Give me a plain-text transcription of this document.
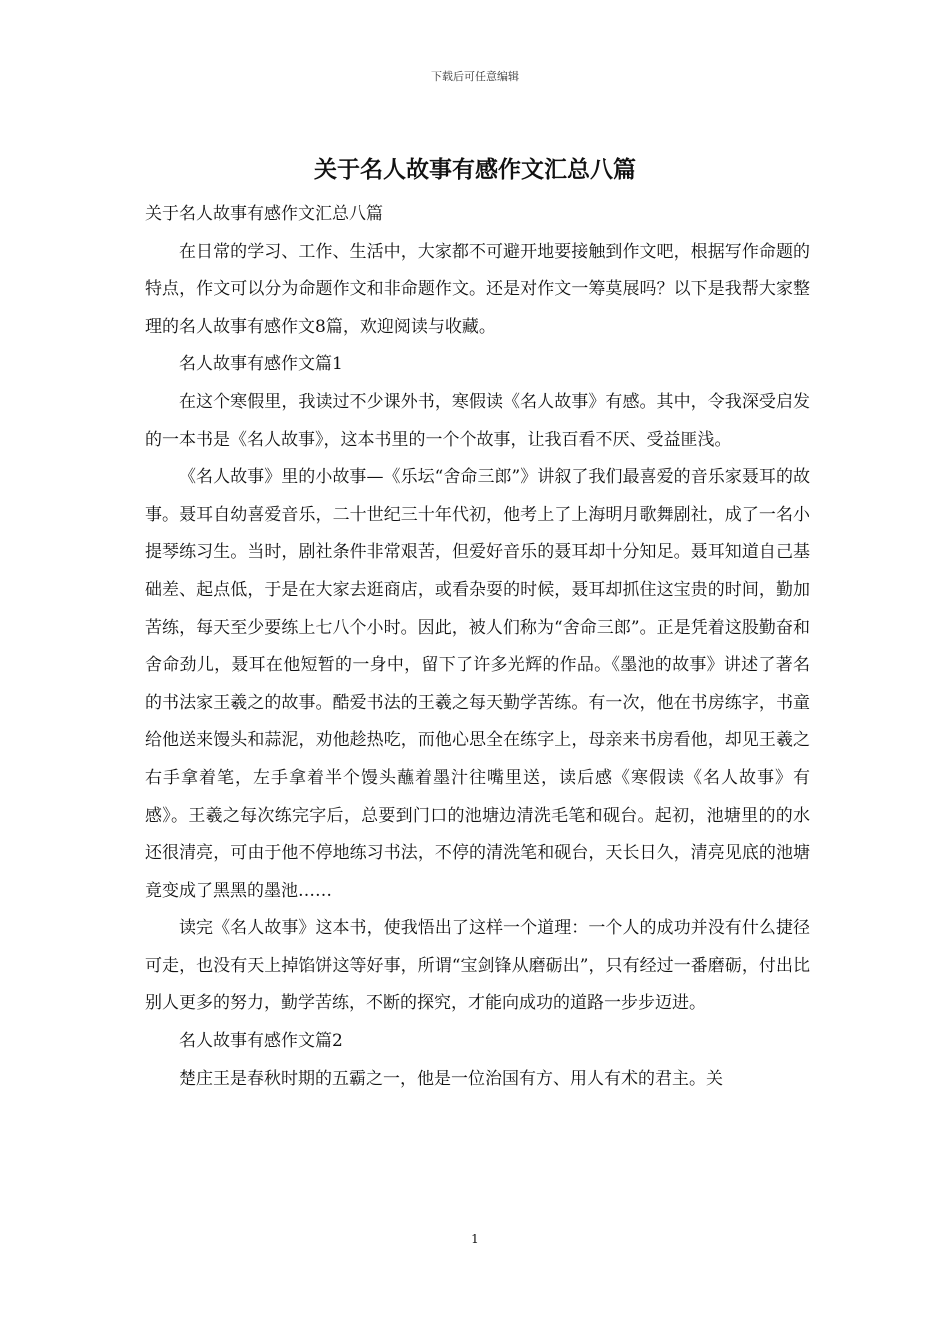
下载后可任意编辑
关于名人故事有感作文汇总八篇

关于名人故事有感作文汇总八篇

在日常的学习、工作、生活中，大家都不可避开地要接触到作文吧，根据写作命题的特点，作文可以分为命题作文和非命题作文。还是对作文一筹莫展吗？以下是我帮大家整理的名人故事有感作文8篇，欢迎阅读与收藏。

名人故事有感作文篇1

在这个寒假里，我读过不少课外书，寒假读《名人故事》有感。其中，令我深受启发的一本书是《名人故事》，这本书里的一个个故事，让我百看不厌、受益匪浅。

《名人故事》里的小故事—《乐坛“舍命三郎”》讲叙了我们最喜爱的音乐家聂耳的故事。聂耳自幼喜爱音乐，二十世纪三十年代初，他考上了上海明月歌舞剧社，成了一名小提琴练习生。当时，剧社条件非常艰苦，但爱好音乐的聂耳却十分知足。聂耳知道自己基础差、起点低，于是在大家去逛商店，或看杂耍的时候，聂耳却抓住这宝贵的时间，勤加苦练，每天至少要练上七八个小时。因此，被人们称为“舍命三郎”。正是凭着这股勤奋和舍命劲儿，聂耳在他短暂的一身中，留下了许多光辉的作品。《墨池的故事》讲述了著名的书法家王羲之的故事。酷爱书法的王羲之每天勤学苦练。有一次，他在书房练字，书童给他送来馒头和蒜泥，劝他趁热吃，而他心思全在练字上，母亲来书房看他，却见王羲之右手拿着笔，左手拿着半个馒头蘸着墨汁往嘴里送，读后感《寒假读《名人故事》有感》。王羲之每次练完字后，总要到门口的池塘边清洗毛笔和砚台。起初，池塘里的的水还很清亮，可由于他不停地练习书法，不停的清洗笔和砚台，天长日久，清亮见底的池塘竟变成了黑黑的墨池……

读完《名人故事》这本书，使我悟出了这样一个道理：一个人的成功并没有什么捷径可走，也没有天上掉馅饼这等好事，所谓“宝剑锋从磨砺出”，只有经过一番磨砺，付出比别人更多的努力，勤学苦练，不断的探究，才能向成功的道路一步步迈进。

名人故事有感作文篇2

楚庄王是春秋时期的五霸之一，他是一位治国有方、用人有术的君主。关

1
